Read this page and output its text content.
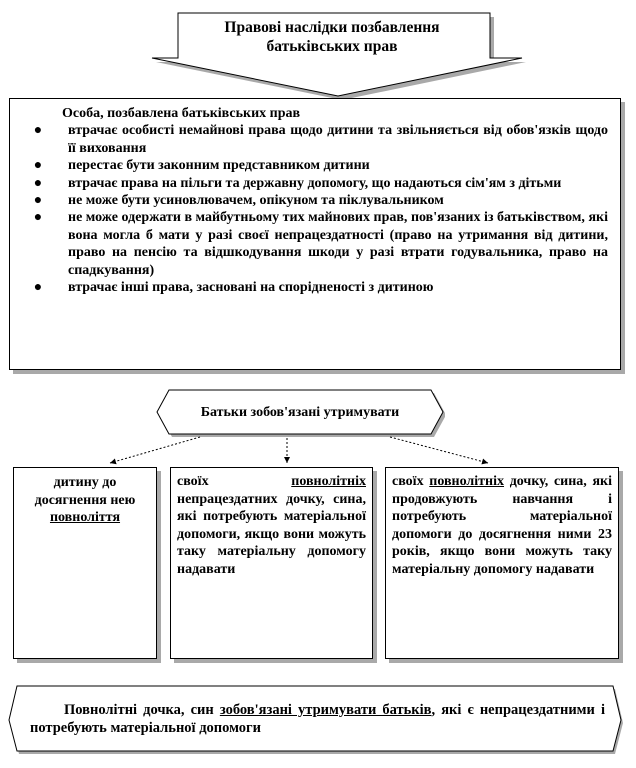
Правові наслідки позбавлення
батьківських прав
Особа, позбавлена батьківських прав
● втрачає особисті немайнові права щодо дитини та звільняється від обов'язків щодо її виховання
● перестає бути законним представником дитини
● втрачає права на пільги та державну допомогу, що надаються сім'ям з дітьми
● не може бути усиновлювачем, опікуном та піклувальником
● не може одержати в майбутньому тих майнових прав, пов'язаних із батьківством, які вона могла б мати у разі своєї непрацездатності (право на утримання від дитини, право на пенсію та відшкодування шкоди у разі втрати годувальника, право на спадкування)
● втрачає інші права, засновані на спорідненості з дитиною
Батьки зобов'язані утримувати
дитину до досягнення нею повноліття
своїх	повнолітніх непрацездатних дочку, сина, які потребують матеріальної допомоги, якщо вони можуть таку матеріальну допомогу надавати
своїх повнолітніх дочку, сина, які продовжують навчання і потребують матеріальної допомоги до досягнення ними 23 років, якщо вони можуть таку матеріальну допомогу надавати
Повнолітні дочка, син зобов'язані утримувати батьків, які є непрацездатними і потребують матеріальної допомоги
